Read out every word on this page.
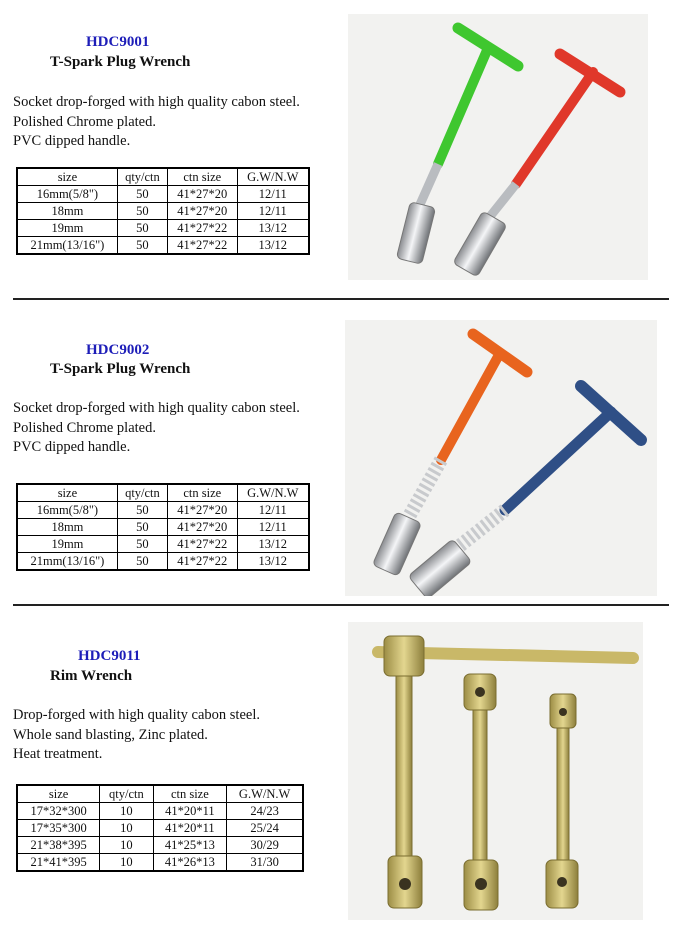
HDC9001
T-Spark Plug Wrench
Socket drop-forged with high quality cabon steel.
Polished Chrome plated.
PVC dipped handle.
size	qty/ctn	ctn size	G.W/N.W
16mm(5/8")	50	41*27*20	12/11
18mm	50	41*27*20	12/11
19mm	50	41*27*22	13/12
21mm(13/16")	50	41*27*22	13/12
HDC9002
T-Spark Plug Wrench
Socket drop-forged with high quality cabon steel.
Polished Chrome plated.
PVC dipped handle.
size	qty/ctn	ctn size	G.W/N.W
16mm(5/8")	50	41*27*20	12/11
18mm	50	41*27*20	12/11
19mm	50	41*27*22	13/12
21mm(13/16")	50	41*27*22	13/12
HDC9011
Rim Wrench
Drop-forged with high quality cabon steel.
Whole sand blasting, Zinc plated.
Heat treatment.
size	qty/ctn	ctn size	G.W/N.W
17*32*300	10	41*20*11	24/23
17*35*300	10	41*20*11	25/24
21*38*395	10	41*25*13	30/29
21*41*395	10	41*26*13	31/30
